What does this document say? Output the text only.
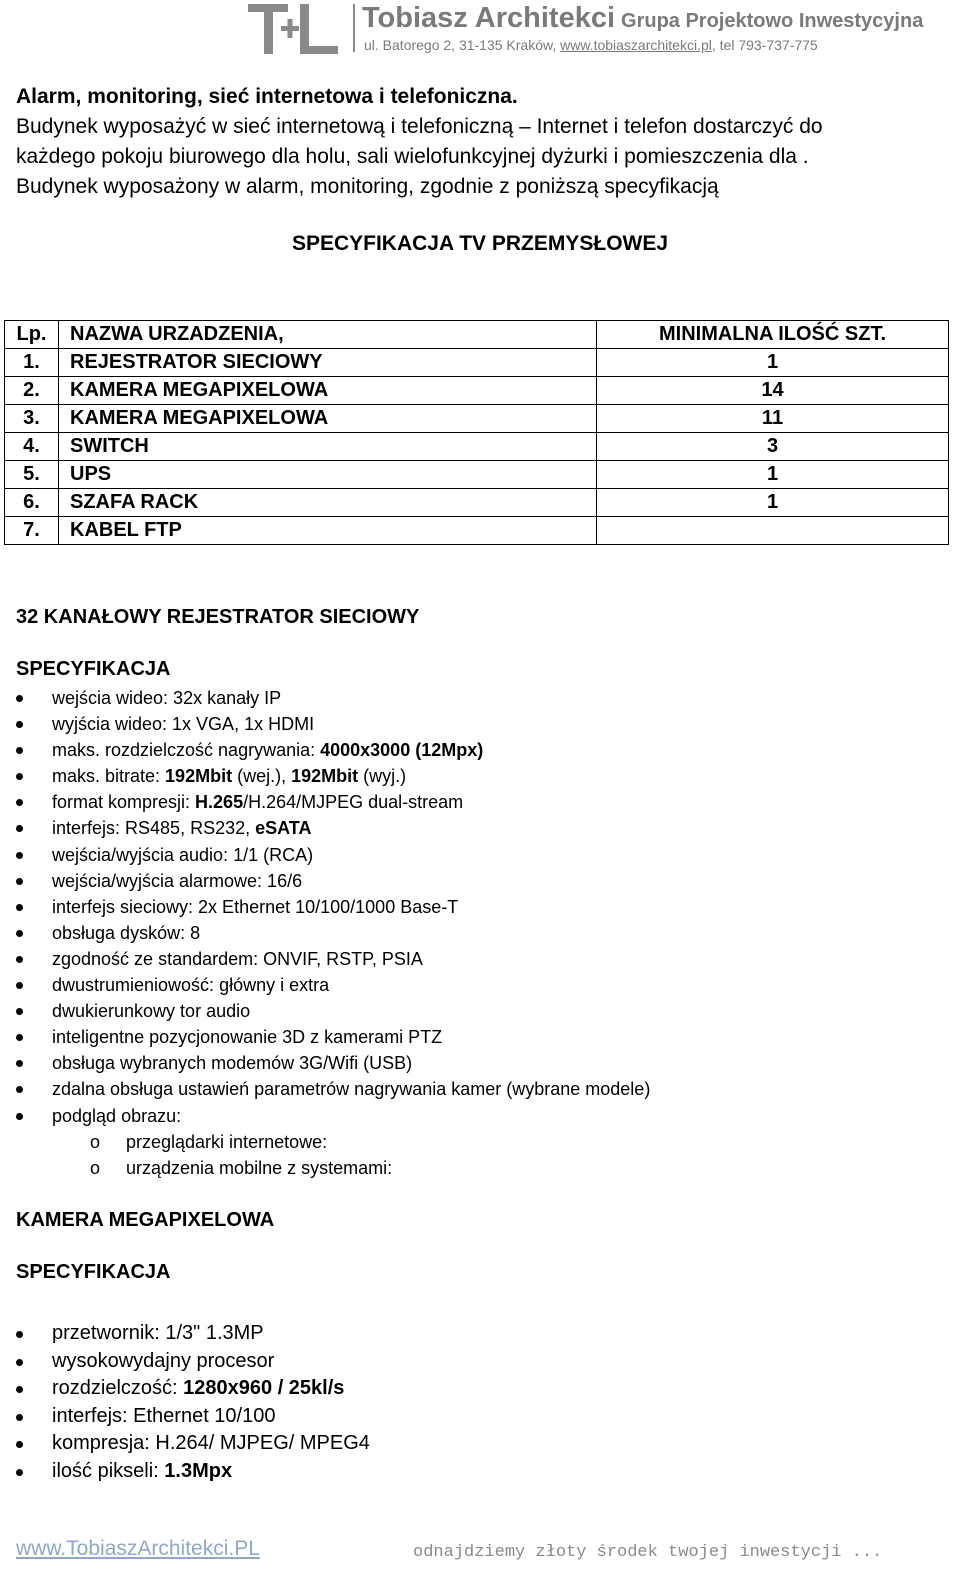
Tobiasz Architekci Grupa Projektowo Inwestycyjna
ul. Batorego 2, 31-135 Kraków, www.tobiaszarchitekci.pl, tel 793-737-775

Alarm, monitoring, sieć internetowa i telefoniczna.

Budynek wyposażyć w sieć internetową i telefoniczną – Internet i telefon dostarczyć do

każdego pokoju biurowego dla holu, sali wielofunkcyjnej dyżurki i pomieszczenia dla .

Budynek wyposażony w alarm, monitoring, zgodnie z poniższą specyfikacją

SPECYFIKACJA TV PRZEMYSŁOWEJ
Lp.	NAZWA URZADZENIA,	MINIMALNA ILOŚĆ SZT.
1.	REJESTRATOR SIECIOWY	1
2.	KAMERA MEGAPIXELOWA	14
3.	KAMERA MEGAPIXELOWA	11
4.	SWITCH	3
5.	UPS	1
6.	SZAFA RACK	1
7.	KABEL FTP	
32 KANAŁOWY REJESTRATOR SIECIOWY
SPECYFIKACJA
wejścia wideo: 32x kanały IP
wyjścia wideo: 1x VGA, 1x HDMI
maks. rozdzielczość nagrywania: 4000x3000 (12Mpx)
maks. bitrate: 192Mbit (wej.), 192Mbit (wyj.)
format kompresji: H.265/H.264/MJPEG dual-stream
interfejs: RS485, RS232, eSATA
wejścia/wyjścia audio: 1/1 (RCA)
wejścia/wyjścia alarmowe: 16/6
interfejs sieciowy: 2x Ethernet 10/100/1000 Base-T
obsługa dysków: 8
zgodność ze standardem: ONVIF, RSTP, PSIA
dwustrumieniowość: główny i extra
dwukierunkowy tor audio
inteligentne pozycjonowanie 3D z kamerami PTZ
obsługa wybranych modemów 3G/Wifi (USB)
zdalna obsługa ustawień parametrów nagrywania kamer (wybrane modele)
podgląd obrazu:
o przeglądarki internetowe:
o urządzenia mobilne z systemami:
KAMERA MEGAPIXELOWA
SPECYFIKACJA
przetwornik: 1/3" 1.3MP
wysokowydajny procesor
rozdzielczość: 1280x960 / 25kl/s
interfejs: Ethernet 10/100
kompresja: H.264/ MJPEG/ MPEG4
ilość pikseli: 1.3Mpx
www.TobiaszArchitekci.PL	odnajdziemy złoty środek twojej inwestycji ...
